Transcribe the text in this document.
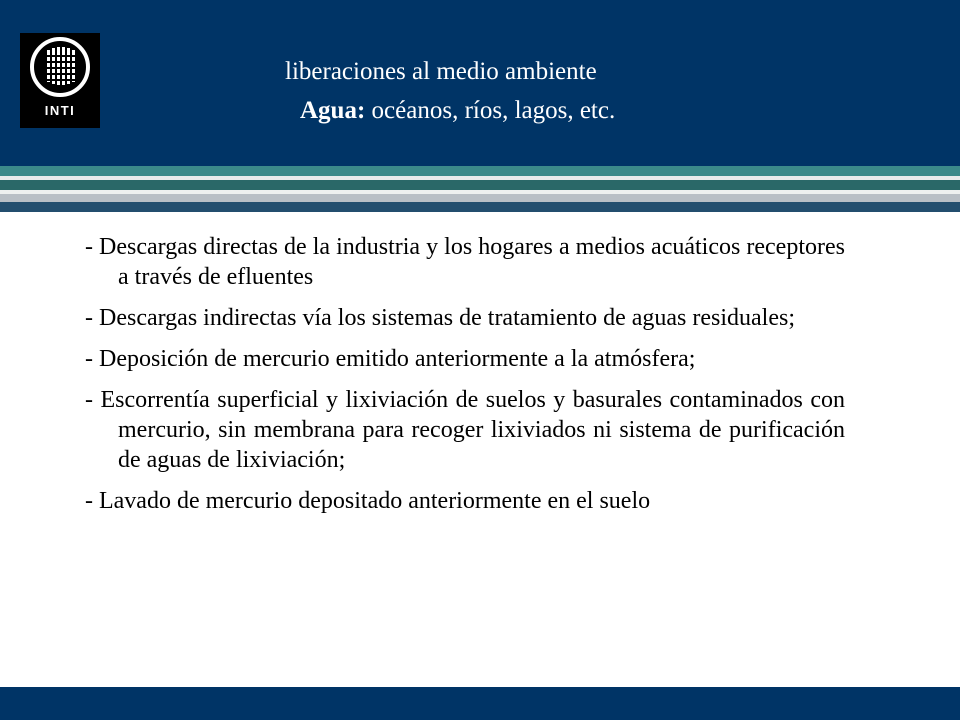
INTI
liberaciones al medio ambiente
Agua: océanos, ríos, lagos, etc.

- Descargas directas de la industria y los hogares a medios acuáticos receptores a través de efluentes

- Descargas indirectas vía los sistemas de tratamiento de aguas residuales;

- Deposición de mercurio emitido anteriormente a la atmósfera;

- Escorrentía superficial y lixiviación de suelos y basurales contaminados con mercurio, sin membrana para recoger lixiviados ni sistema de purificación de aguas de lixiviación;

- Lavado de mercurio depositado anteriormente en el suelo
